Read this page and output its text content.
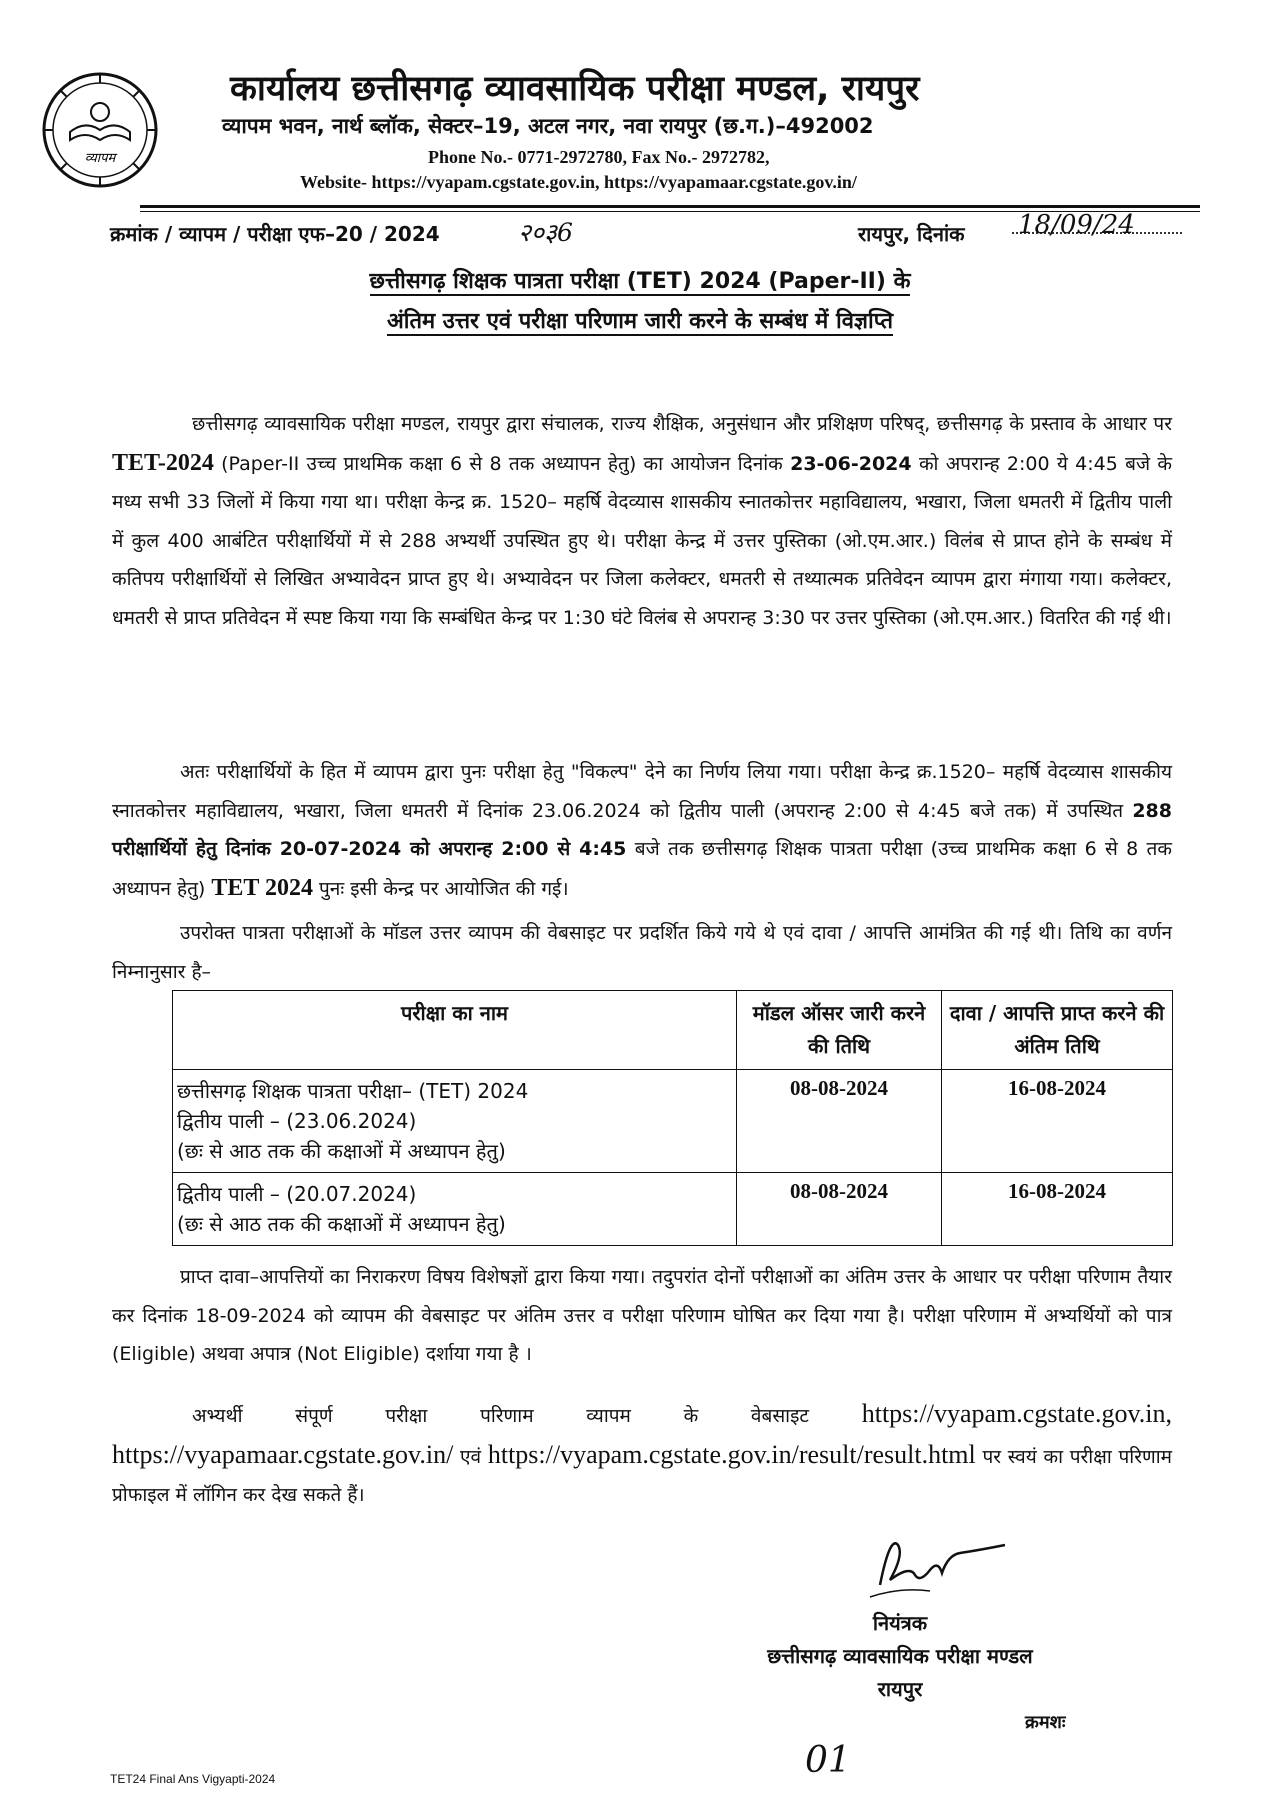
व्यापम
कार्यालय छत्तीसगढ़ व्यावसायिक परीक्षा मण्डल, रायपुर
व्यापम भवन, नार्थ ब्लॉक, सेक्टर–19, अटल नगर, नवा रायपुर (छ.ग.)–492002
Phone No.- 0771-2972780, Fax No.- 2972782,
Website- https://vyapam.cgstate.gov.in, https://vyapamaar.cgstate.gov.in/
क्रमांक / व्यापम / परीक्षा एफ–20 / 2024	२०३6	रायपुर, दिनांक 18/09/24
छत्तीसगढ़ शिक्षक पात्रता परीक्षा (TET) 2024 (Paper-II) के
अंतिम उत्तर एवं परीक्षा परिणाम जारी करने के सम्बंध में विज्ञप्ति
छत्तीसगढ़ व्यावसायिक परीक्षा मण्डल, रायपुर द्वारा संचालक, राज्य शैक्षिक, अनुसंधान और प्रशिक्षण परिषद्, छत्तीसगढ़ के प्रस्ताव के आधार पर TET-2024 (Paper-II उच्च प्राथमिक कक्षा 6 से 8 तक अध्यापन हेतु) का आयोजन दिनांक 23-06-2024 को अपरान्ह 2:00 ये 4:45 बजे के मध्य सभी 33 जिलों में किया गया था। परीक्षा केन्द्र क्र. 1520– महर्षि वेदव्यास शासकीय स्नातकोत्तर महाविद्यालय, भखारा, जिला धमतरी में द्वितीय पाली में कुल 400 आबंटित परीक्षार्थियों में से 288 अभ्यर्थी उपस्थित हुए थे। परीक्षा केन्द्र में उत्तर पुस्तिका (ओ.एम.आर.) विलंब से प्राप्त होने के सम्बंध में कतिपय परीक्षार्थियों से लिखित अभ्यावेदन प्राप्त हुए थे। अभ्यावेदन पर जिला कलेक्टर, धमतरी से तथ्यात्मक प्रतिवेदन व्यापम द्वारा मंगाया गया। कलेक्टर, धमतरी से प्राप्त प्रतिवेदन में स्पष्ट किया गया कि सम्बंधित केन्द्र पर 1:30 घंटे विलंब से अपरान्ह 3:30 पर उत्तर पुस्तिका (ओ.एम.आर.) वितरित की गई थी।
अतः परीक्षार्थियों के हित में व्यापम द्वारा पुनः परीक्षा हेतु "विकल्प" देने का निर्णय लिया गया। परीक्षा केन्द्र क्र.1520– महर्षि वेदव्यास शासकीय स्नातकोत्तर महाविद्यालय, भखारा, जिला धमतरी में दिनांक 23.06.2024 को द्वितीय पाली (अपरान्ह 2:00 से 4:45 बजे तक) में उपस्थित 288 परीक्षार्थियों हेतु दिनांक 20-07-2024 को अपरान्ह 2:00 से 4:45 बजे तक छत्तीसगढ़ शिक्षक पात्रता परीक्षा (उच्च प्राथमिक कक्षा 6 से 8 तक अध्यापन हेतु) TET 2024 पुनः इसी केन्द्र पर आयोजित की गई।
उपरोक्त पात्रता परीक्षाओं के मॉडल उत्तर व्यापम की वेबसाइट पर प्रदर्शित किये गये थे एवं दावा / आपत्ति आमंत्रित की गई थी। तिथि का वर्णन निम्नानुसार है–
परीक्षा का नाम	मॉडल ऑसर जारी करने की तिथि	दावा / आपत्ति प्राप्त करने की अंतिम तिथि

छत्तीसगढ़ शिक्षक पात्रता परीक्षा– (TET) 2024
द्वितीय पाली – (23.06.2024)
(छः से आठ तक की कक्षाओं में अध्यापन हेतु)	08-08-2024	16-08-2024

द्वितीय पाली – (20.07.2024)
(छः से आठ तक की कक्षाओं में अध्यापन हेतु)	08-08-2024	16-08-2024
प्राप्त दावा–आपत्तियों का निराकरण विषय विशेषज्ञों द्वारा किया गया। तदुपरांत दोनों परीक्षाओं का अंतिम उत्तर के आधार पर परीक्षा परिणाम तैयार कर दिनांक 18-09-2024 को व्यापम की वेबसाइट पर अंतिम उत्तर व परीक्षा परिणाम घोषित कर दिया गया है। परीक्षा परिणाम में अभ्यर्थियों को पात्र (Eligible) अथवा अपात्र (Not Eligible) दर्शाया गया है ।
अभ्यर्थी संपूर्ण परीक्षा परिणाम व्यापम के वेबसाइट https://vyapam.cgstate.gov.in, https://vyapamaar.cgstate.gov.in/ एवं https://vyapam.cgstate.gov.in/result/result.html पर स्वयं का परीक्षा परिणाम प्रोफाइल में लॉगिन कर देख सकते हैं।
नियंत्रक
छत्तीसगढ़ व्यावसायिक परीक्षा मण्डल
रायपुर
क्रमशः
01
TET24 Final Ans Vigyapti-2024
